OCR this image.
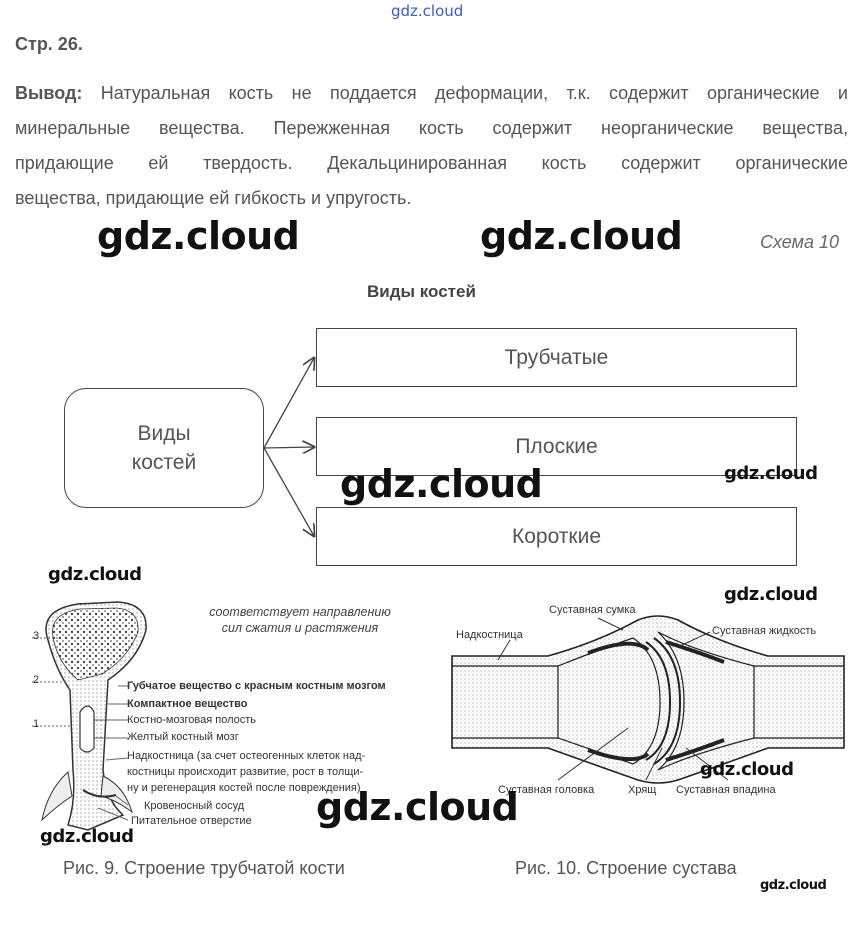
gdz.cloud
Стр. 26.
Вывод: Натуральная кость не поддается деформации, т.к. содержит органические и
минеральные вещества. Пережженная кость содержит неорганические вещества,
придающие ей твердость. Декальцинированная кость содержит органические
вещества, придающие ей гибкость и упругость.
gdz.cloud	gdz.cloud	Схема 10
Виды костей
Виды
костей
Трубчатые
Плоские
Короткие
gdz.cloud	gdz.cloud
gdz.cloud
gdz.cloud
3
2
1
соответствует направлению
сил сжатия и растяжения
Губчатое вещество с красным костным мозгом
Компактное вещество
Костно-мозговая полость
Желтый костный мозг
Надкостница (за счет остеогенных клеток над-
костницы происходит развитие, рост в толщи-
ну и регенерация костей после повреждения)
Кровеносный сосуд
Питательное отверстие
Суставная сумка
Надкостница	Суставная жидкость
Суставная головка	Хрящ Суставная впадина
gdz.cloud
gdz.cloud
gdz.cloud
Рис. 9. Строение трубчатой кости	Рис. 10. Строение сустава
gdz.cloud
